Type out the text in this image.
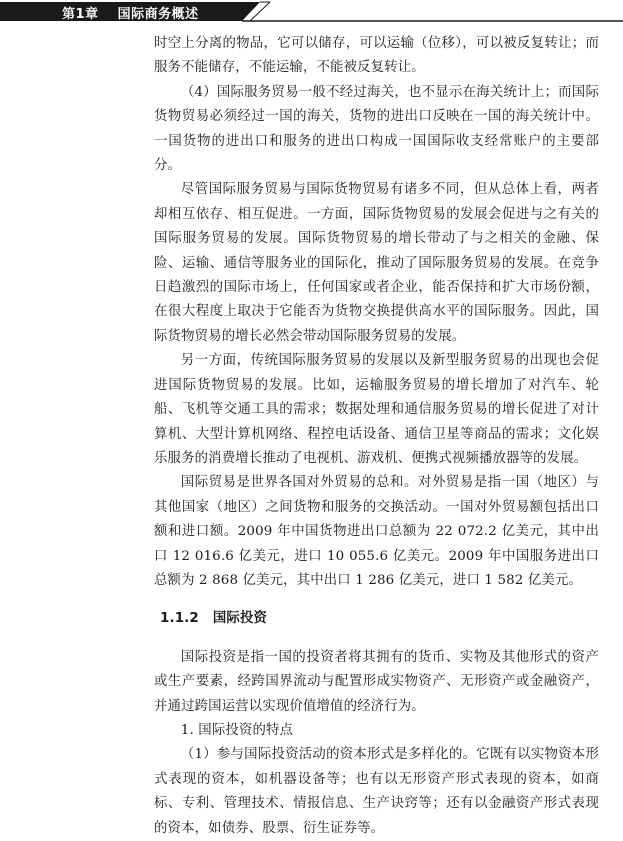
第1章 国际商务概述

时空上分离的物品，它可以储存，可以运输（位移），可以被反复转让；而服务不能储存，不能运输，不能被反复转让。

（4）国际服务贸易一般不经过海关，也不显示在海关统计上；而国际货物贸易必须经过一国的海关，货物的进出口反映在一国的海关统计中。一国货物的进出口和服务的进出口构成一国国际收支经常账户的主要部分。

尽管国际服务贸易与国际货物贸易有诸多不同，但从总体上看，两者却相互依存、相互促进。一方面，国际货物贸易的发展会促进与之有关的国际服务贸易的发展。国际货物贸易的增长带动了与之相关的金融、保险、运输、通信等服务业的国际化，推动了国际服务贸易的发展。在竞争日趋激烈的国际市场上，任何国家或者企业，能否保持和扩大市场份额，在很大程度上取决于它能否为货物交换提供高水平的国际服务。因此，国际货物贸易的增长必然会带动国际服务贸易的发展。

另一方面，传统国际服务贸易的发展以及新型服务贸易的出现也会促进国际货物贸易的发展。比如，运输服务贸易的增长增加了对汽车、轮船、飞机等交通工具的需求；数据处理和通信服务贸易的增长促进了对计算机、大型计算机网络、程控电话设备、通信卫星等商品的需求；文化娱乐服务的消费增长推动了电视机、游戏机、便携式视频播放器等的发展。

国际贸易是世界各国对外贸易的总和。对外贸易是指一国（地区）与其他国家（地区）之间货物和服务的交换活动。一国对外贸易额包括出口额和进口额。2009 年中国货物进出口总额为 22 072.2 亿美元，其中出口 12 016.6 亿美元，进口 10 055.6 亿美元。2009 年中国服务进出口总额为 2 868 亿美元，其中出口 1 286 亿美元，进口 1 582 亿美元。

1.1.2 国际投资

国际投资是指一国的投资者将其拥有的货币、实物及其他形式的资产或生产要素，经跨国界流动与配置形成实物资产、无形资产或金融资产，并通过跨国运营以实现价值增值的经济行为。

1. 国际投资的特点

（1）参与国际投资活动的资本形式是多样化的。它既有以实物资本形式表现的资本，如机器设备等；也有以无形资产形式表现的资本，如商标、专利、管理技术、情报信息、生产诀窍等；还有以金融资产形式表现的资本，如债券、股票、衍生证券等。
